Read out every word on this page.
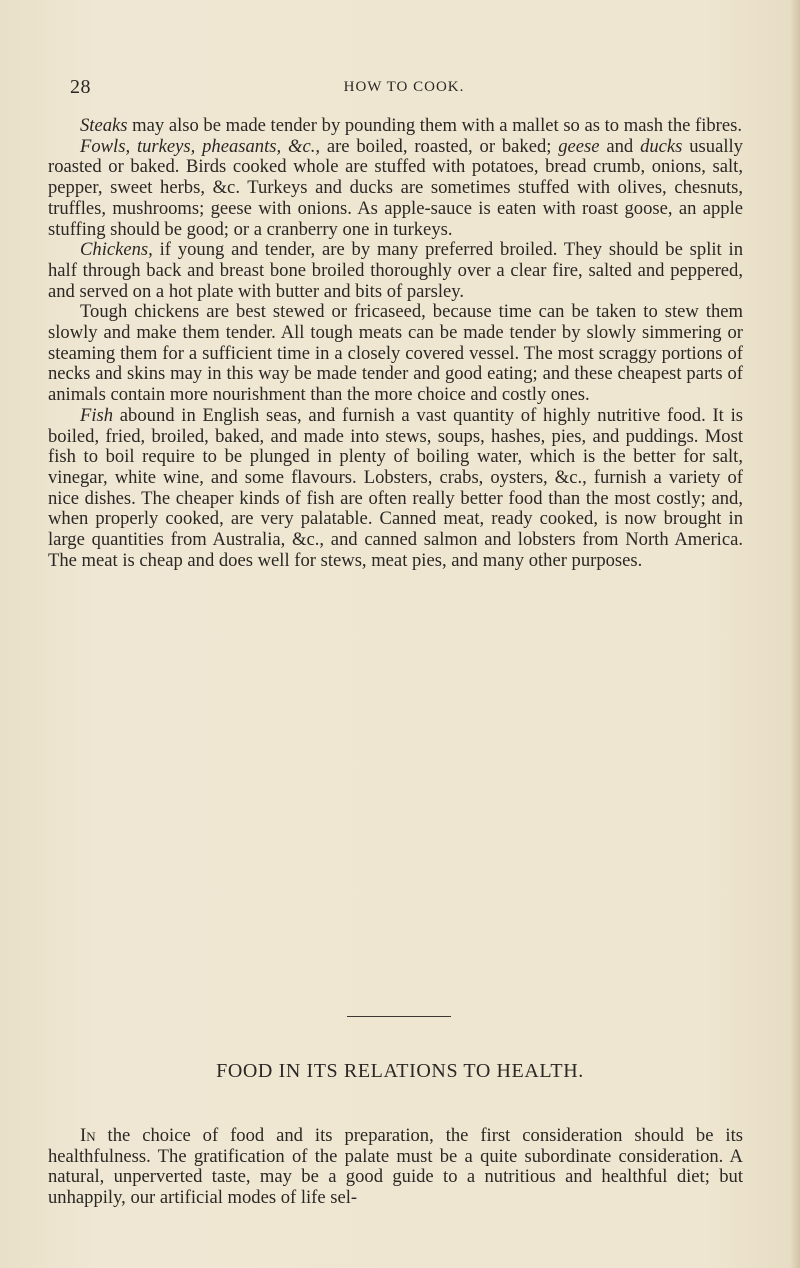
28	HOW TO COOK.

Steaks may also be made tender by pounding them with a mallet so as to mash the fibres.

Fowls, turkeys, pheasants, &c., are boiled, roasted, or baked; geese and ducks usually roasted or baked. Birds cooked whole are stuffed with potatoes, bread crumb, onions, salt, pepper, sweet herbs, &c. Turkeys and ducks are sometimes stuffed with olives, chesnuts, truffles, mushrooms; geese with onions. As apple-sauce is eaten with roast goose, an apple stuffing should be good; or a cranberry one in turkeys.

Chickens, if young and tender, are by many preferred broiled. They should be split in half through back and breast bone broiled thoroughly over a clear fire, salted and peppered, and served on a hot plate with butter and bits of parsley.

Tough chickens are best stewed or fricaseed, because time can be taken to stew them slowly and make them tender. All tough meats can be made tender by slowly simmering or steaming them for a sufficient time in a closely covered vessel. The most scraggy portions of necks and skins may in this way be made tender and good eating; and these cheapest parts of animals contain more nourishment than the more choice and costly ones.

Fish abound in English seas, and furnish a vast quantity of highly nutritive food. It is boiled, fried, broiled, baked, and made into stews, soups, hashes, pies, and puddings. Most fish to boil require to be plunged in plenty of boiling water, which is the better for salt, vinegar, white wine, and some flavours. Lobsters, crabs, oysters, &c., furnish a variety of nice dishes. The cheaper kinds of fish are often really better food than the most costly; and, when properly cooked, are very palatable. Canned meat, ready cooked, is now brought in large quantities from Australia, &c., and canned salmon and lobsters from North America. The meat is cheap and does well for stews, meat pies, and many other purposes.

FOOD IN ITS RELATIONS TO HEALTH.

In the choice of food and its preparation, the first consideration should be its healthfulness. The gratification of the palate must be a quite subordinate consideration. A natural, unperverted taste, may be a good guide to a nutritious and healthful diet; but unhappily, our artificial modes of life sel-
